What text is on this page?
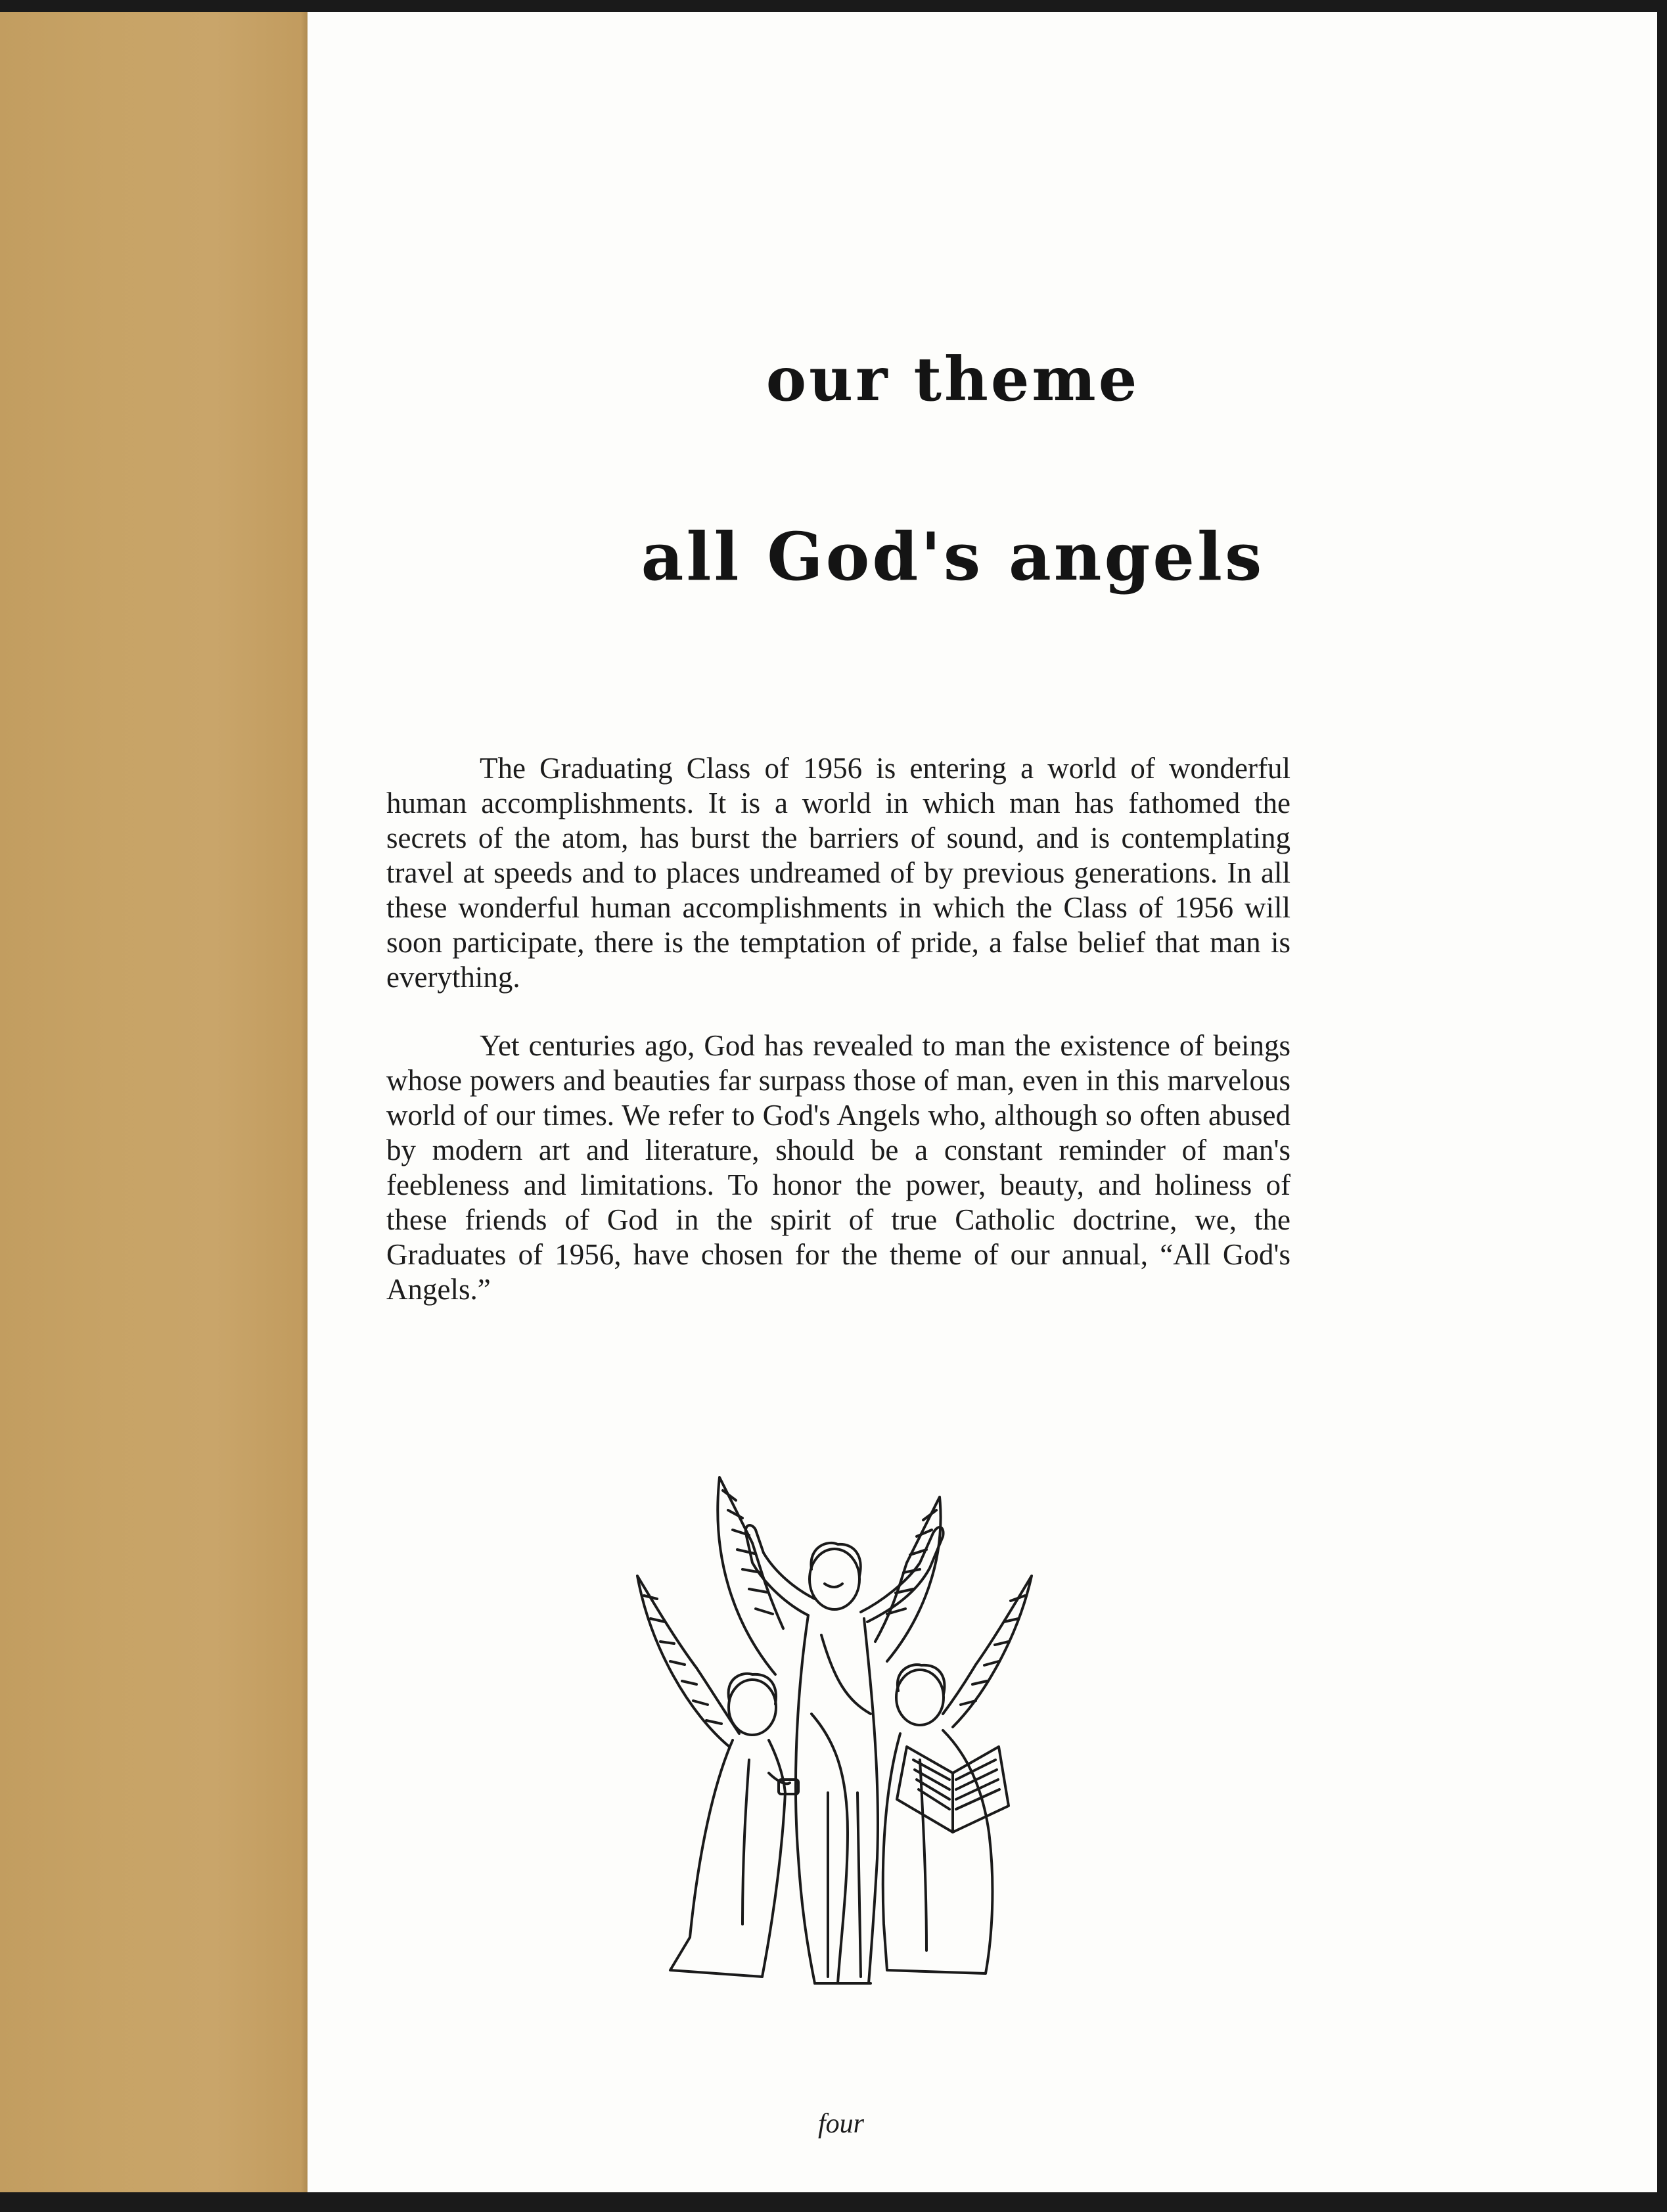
our theme
all God's angels

The Graduating Class of 1956 is entering a world of wonderful human accomplishments. It is a world in which man has fathomed the secrets of the atom, has burst the barriers of sound, and is contemplating travel at speeds and to places undreamed of by previous generations. In all these wonderful human accomplishments in which the Class of 1956 will soon participate, there is the temptation of pride, a false belief that man is everything.

Yet centuries ago, God has revealed to man the existence of beings whose powers and beauties far surpass those of man, even in this marvelous world of our times. We refer to God's Angels who, although so often abused by modern art and literature, should be a constant reminder of man's feebleness and limitations. To honor the power, beauty, and holiness of these friends of God in the spirit of true Catholic doctrine, we, the Graduates of 1956, have chosen for the theme of our annual, “All God's Angels.”

four
